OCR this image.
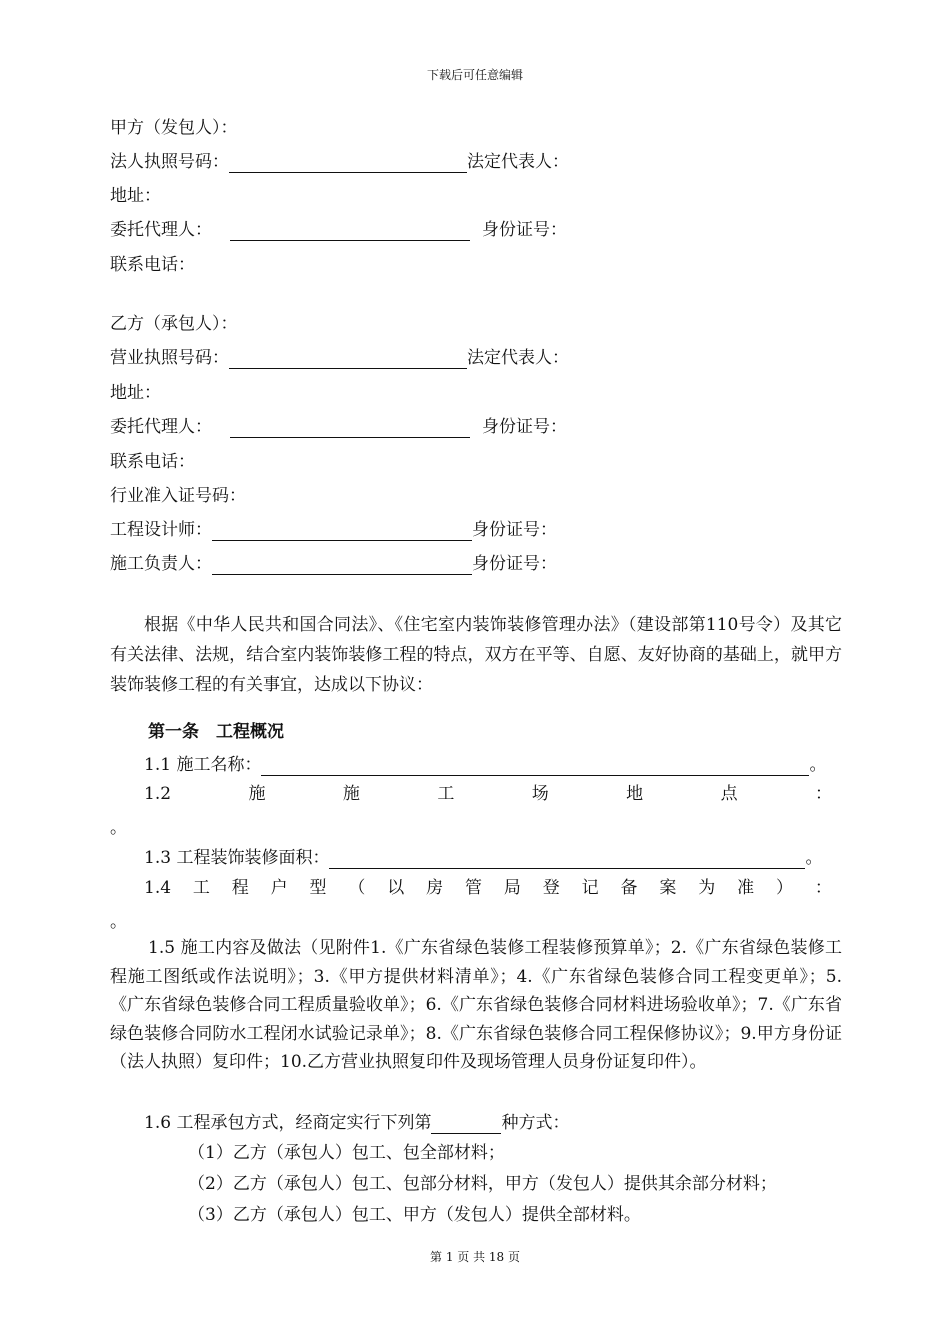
下载后可任意编辑
甲方（发包人）：
法人执照号码：	法定代表人：
地址：
委托代理人：	身份证号：
联系电话：
乙方（承包人）：
营业执照号码：	法定代表人：
地址：
委托代理人：	身份证号：
联系电话：
行业准入证号码：
工程设计师：	身份证号：
施工负责人：	身份证号：
根据《中华人民共和国合同法》、《住宅室内装饰装修管理办法》（建设部第110号令）及其它有关法律、法规，结合室内装饰装修工程的特点，双方在平等、自愿、友好协商的基础上，就甲方装饰装修工程的有关事宜，达成以下协议：
第一条　工程概况
1.1 施工名称：	。
1.2	施	施	工	场	地	点	：
。
1.3 工程装饰装修面积：	。
1.4 工 程 户 型 （ 以 房 管 局 登 记 备 案 为 准 ） ：
。
1.5 施工内容及做法（见附件1.《广东省绿色装修工程装修预算单》；2.《广东省绿色装修工程施工图纸或作法说明》；3.《甲方提供材料清单》；4.《广东省绿色装修合同工程变更单》；5.《广东省绿色装修合同工程质量验收单》；6.《广东省绿色装修合同材料进场验收单》；7.《广东省绿色装修合同防水工程闭水试验记录单》；8.《广东省绿色装修合同工程保修协议》；9.甲方身份证（法人执照）复印件；10.乙方营业执照复印件及现场管理人员身份证复印件）。
1.6 工程承包方式，经商定实行下列第	种方式：
（1）乙方（承包人）包工、包全部材料；
（2）乙方（承包人）包工、包部分材料，甲方（发包人）提供其余部分材料；
（3）乙方（承包人）包工、甲方（发包人）提供全部材料。
第 1 页 共 18 页
